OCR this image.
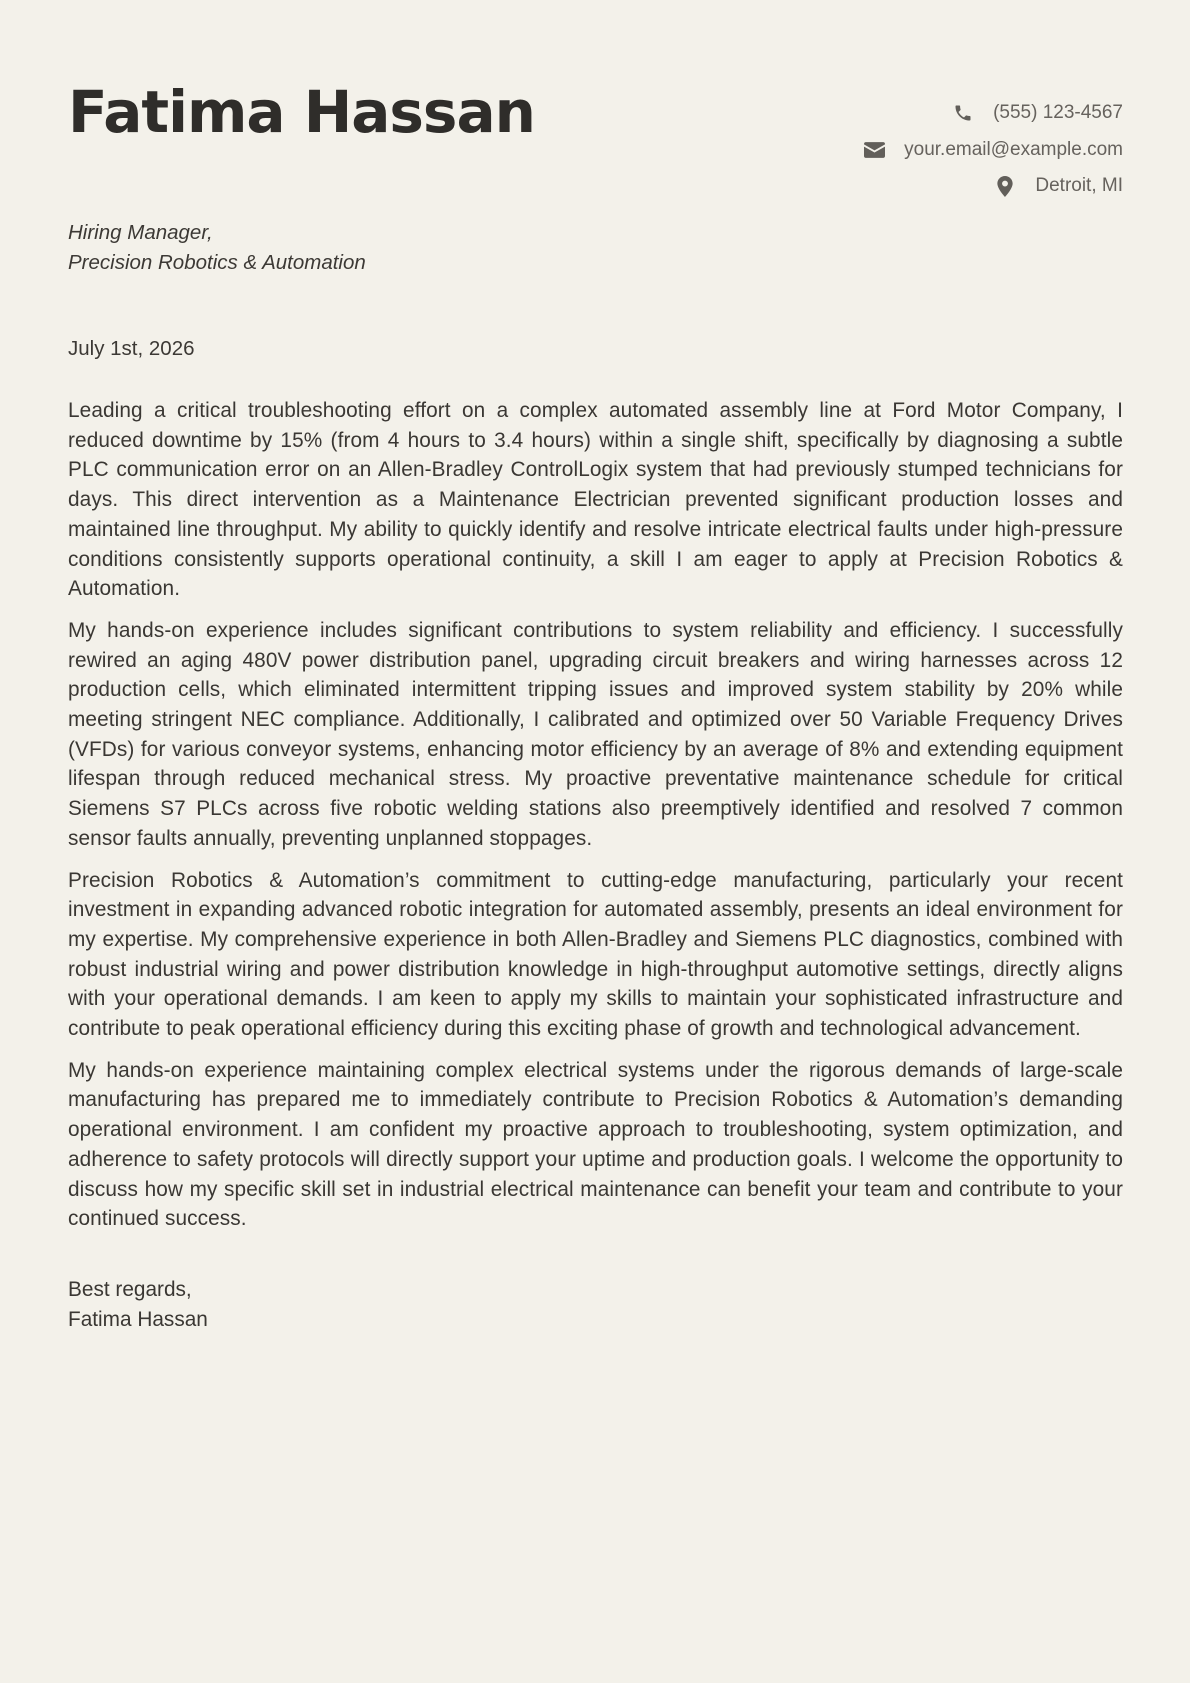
Fatima Hassan	(555) 123-4567
your.email@example.com
Detroit, MI
Hiring Manager,
Precision Robotics & Automation
July 1st, 2026

Leading a critical troubleshooting effort on a complex automated assembly line at Ford Motor Company, I reduced downtime by 15% (from 4 hours to 3.4 hours) within a single shift, specifically by diagnosing a subtle PLC communication error on an Allen-Bradley ControlLogix system that had previously stumped technicians for days. This direct intervention as a Maintenance Electrician prevented significant production losses and maintained line throughput. My ability to quickly identify and resolve intricate electrical faults under high-pressure conditions consistently supports operational continuity, a skill I am eager to apply at Precision Robotics & Automation.

My hands-on experience includes significant contributions to system reliability and efficiency. I successfully rewired an aging 480V power distribution panel, upgrading circuit breakers and wiring harnesses across 12 production cells, which eliminated intermittent tripping issues and improved system stability by 20% while meeting stringent NEC compliance. Additionally, I calibrated and optimized over 50 Variable Frequency Drives (VFDs) for various conveyor systems, enhancing motor efficiency by an average of 8% and extending equipment lifespan through reduced mechanical stress. My proactive preventative maintenance schedule for critical Siemens S7 PLCs across five robotic welding stations also preemptively identified and resolved 7 common sensor faults annually, preventing unplanned stoppages.

Precision Robotics & Automation’s commitment to cutting-edge manufacturing, particularly your recent investment in expanding advanced robotic integration for automated assembly, presents an ideal environment for my expertise. My comprehensive experience in both Allen-Bradley and Siemens PLC diagnostics, combined with robust industrial wiring and power distribution knowledge in high-throughput automotive settings, directly aligns with your operational demands. I am keen to apply my skills to maintain your sophisticated infrastructure and contribute to peak operational efficiency during this exciting phase of growth and technological advancement.

My hands-on experience maintaining complex electrical systems under the rigorous demands of large-scale manufacturing has prepared me to immediately contribute to Precision Robotics & Automation’s demanding operational environment. I am confident my proactive approach to troubleshooting, system optimization, and adherence to safety protocols will directly support your uptime and production goals. I welcome the opportunity to discuss how my specific skill set in industrial electrical maintenance can benefit your team and contribute to your continued success.

Best regards,
Fatima Hassan
